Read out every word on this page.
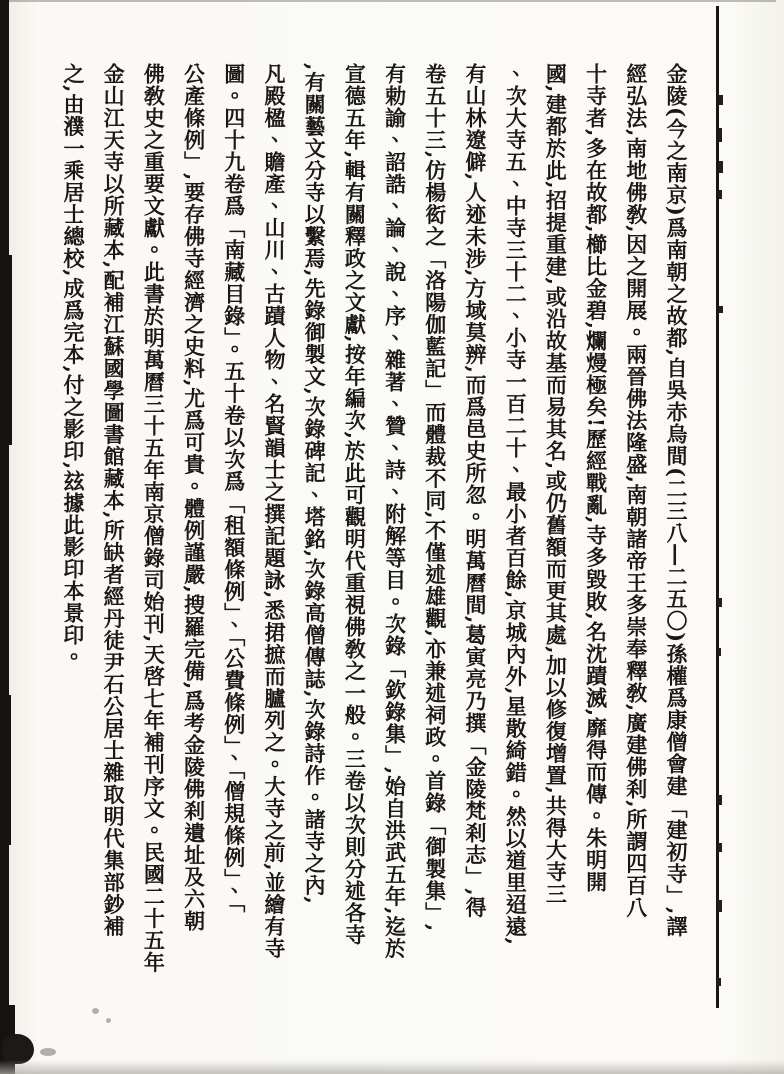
金陵(今之南京)爲南朝之故都,自吳赤烏間(二三八―二五〇)孫權爲康僧會建「建初寺」,譯
經弘法,南地佛敎,因之開展。兩晉佛法隆盛,南朝諸帝王多崇奉釋敎,廣建佛刹,所謂四百八
十寺者,多在故都,櫛比金碧,爛熳極矣!歷經戰亂,寺多毀敗,名沈蹟滅,靡得而傳。朱明開
國,建都於此,招提重建,或沿故基而易其名,或仍舊額而更其處,加以修復增置,共得大寺三
、次大寺五、中寺三十二、小寺一百二十、最小者百餘,京城內外,星散綺錯。然以道里迢遠,
有山林遼僻,人迹未涉,方域莫辨,而爲邑史所忽。明萬曆間,葛寅亮乃撰「金陵梵刹志」,得
卷五十三,仿楊衒之「洛陽伽藍記」而體裁不同,不僅述雄觀,亦兼述祠政。首錄「御製集」,
有勅諭、詔誥、論、說、序、雜著、贊、詩、附解等目。次錄「欽錄集」,始自洪武五年,迄於
宣德五年,輯有關釋政之文獻,按年編次,於此可觀明代重視佛敎之一般。三卷以次則分述各寺
,有關藝文分寺以繫焉,先錄御製文,次錄碑記、塔銘,次錄高僧傳誌,次錄詩作。諸寺之內,
凡殿楹、贍產、山川、古蹟人物、名賢韻士之撰記題詠,悉捃摭而臚列之。大寺之前,並繪有寺
圖。四十九卷爲「南藏目錄」。五十卷以次爲「租額條例」、「公費條例」、「僧規條例」、「
公產條例」,要存佛寺經濟之史料,尤爲可貴。體例謹嚴,搜羅完備,爲考金陵佛刹遺址及六朝
佛敎史之重要文獻。此書於明萬曆三十五年南京僧錄司始刊,天啓七年補刊序文。民國二十五年
金山江天寺以所藏本,配補江蘇國學圖書館藏本,所缺者經丹徒尹石公居士雜取明代集部鈔補
之,由濮一乘居士總校,成爲完本,付之影印,玆據此影印本景印。
